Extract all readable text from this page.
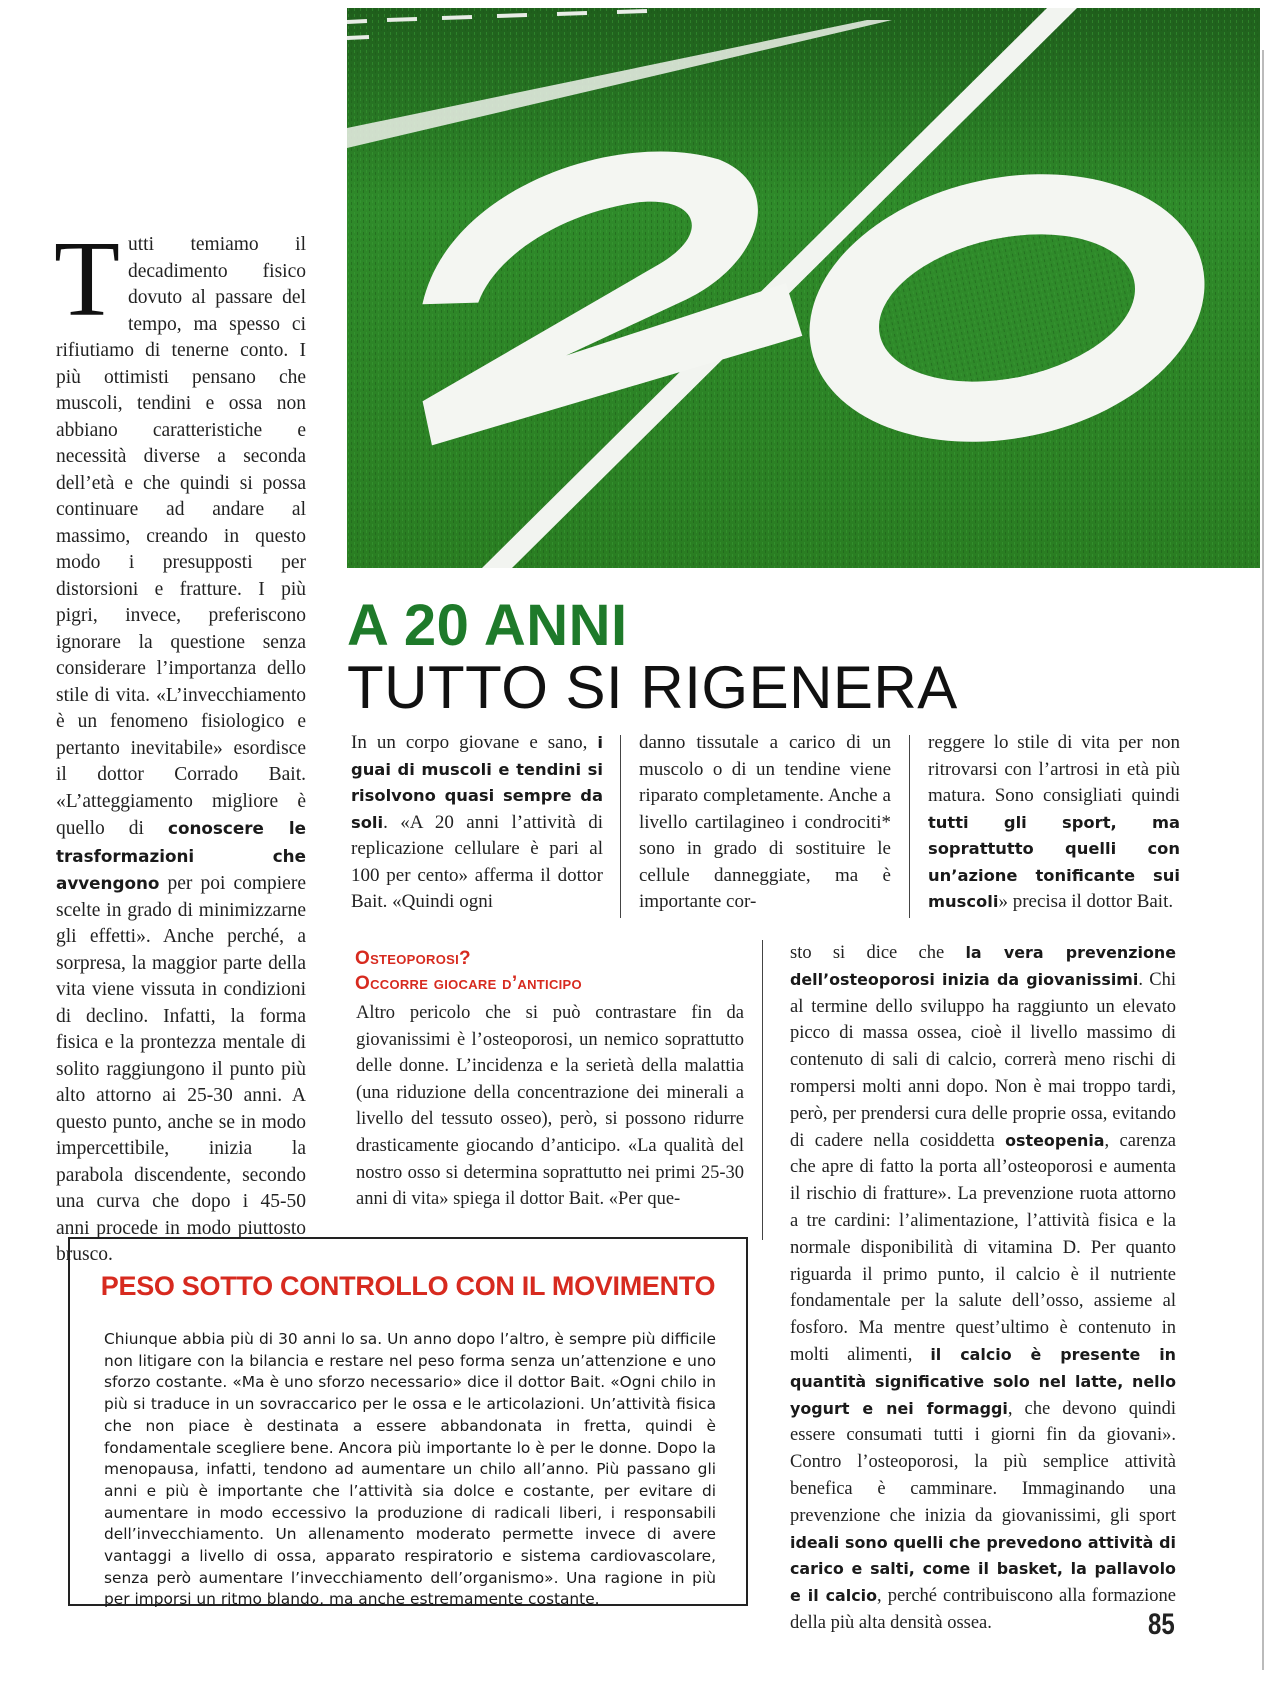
Tutti temiamo il decadimento fisico dovuto al passare del tempo, ma spesso ci rifiutiamo di tenerne conto. I più ottimisti pensano che muscoli, tendini e ossa non abbiano caratteristiche e necessità diverse a seconda dell’età e che quindi si possa continuare ad andare al massimo, creando in questo modo i presupposti per distorsioni e fratture. I più pigri, invece, preferiscono ignorare la questione senza considerare l’importanza dello stile di vita. «L’invecchiamento è un fenomeno fisiologico e pertanto inevitabile» esordisce il dottor Corrado Bait. «L’atteggiamento migliore è quello di conoscere le trasformazioni che avvengono per poi compiere scelte in grado di minimizzarne gli effetti». Anche perché, a sorpresa, la maggior parte della vita viene vissuta in condizioni di declino. Infatti, la forma fisica e la prontezza mentale di solito raggiungono il punto più alto attorno ai 25-30 anni. A questo punto, anche se in modo impercettibile, inizia la parabola discendente, secondo una curva che dopo i 45-50 anni procede in modo piuttosto brusco.
A 20 ANNI
TUTTO SI RIGENERA
In un corpo giovane e sano, i guai di muscoli e tendini si risolvono quasi sempre da soli. «A 20 anni l’attività di replicazione cellulare è pari al 100 per cento» afferma il dottor Bait. «Quindi ogni
danno tissutale a carico di un muscolo o di un tendine viene riparato completamente. Anche a livello cartilagineo i condrociti* sono in grado di sostituire le cellule danneggiate, ma è importante cor-
reggere lo stile di vita per non ritrovarsi con l’artrosi in età più matura. Sono consigliati quindi tutti gli sport, ma soprattutto quelli con un’azione tonificante sui muscoli» precisa il dottor Bait.
Osteoporosi?
Occorre giocare d’anticipo
Altro pericolo che si può contrastare fin da giovanissimi è l’osteoporosi, un nemico soprattutto delle donne. L’incidenza e la serietà della malattia (una riduzione della concentrazione dei minerali a livello del tessuto osseo), però, si possono ridurre drasticamente giocando d’anticipo. «La qualità del nostro osso si determina soprattutto nei primi 25-30 anni di vita» spiega il dottor Bait. «Per que-
sto si dice che la vera prevenzione dell’osteoporosi inizia da giovanissimi. Chi al termine dello sviluppo ha raggiunto un elevato picco di massa ossea, cioè il livello massimo di contenuto di sali di calcio, correrà meno rischi di rompersi molti anni dopo. Non è mai troppo tardi, però, per prendersi cura delle proprie ossa, evitando di cadere nella cosiddetta osteopenia, carenza che apre di fatto la porta all’osteoporosi e aumenta il rischio di fratture». La prevenzione ruota attorno a tre cardini: l’alimentazione, l’attività fisica e la normale disponibilità di vitamina D. Per quanto riguarda il primo punto, il calcio è il nutriente fondamentale per la salute dell’osso, assieme al fosforo. Ma mentre quest’ultimo è contenuto in molti alimenti, il calcio è presente in quantità significative solo nel latte, nello yogurt e nei formaggi, che devono quindi essere consumati tutti i giorni fin da giovani». Contro l’osteoporosi, la più semplice attività benefica è camminare. Immaginando una prevenzione che inizia da giovanissimi, gli sport ideali sono quelli che prevedono attività di carico e salti, come il basket, la pallavolo e il calcio, perché contribuiscono alla formazione della più alta densità ossea.
PESO SOTTO CONTROLLO CON IL MOVIMENTO
Chiunque abbia più di 30 anni lo sa. Un anno dopo l’altro, è sempre più difficile non litigare con la bilancia e restare nel peso forma senza un’attenzione e uno sforzo costante. «Ma è uno sforzo necessario» dice il dottor Bait. «Ogni chilo in più si traduce in un sovraccarico per le ossa e le articolazioni. Un’attività fisica che non piace è destinata a essere abbandonata in fretta, quindi è fondamentale scegliere bene. Ancora più importante lo è per le donne. Dopo la menopausa, infatti, tendono ad aumentare un chilo all’anno. Più passano gli anni e più è importante che l’attività sia dolce e costante, per evitare di aumentare in modo eccessivo la produzione di radicali liberi, i responsabili dell’invecchiamento. Un allenamento moderato permette invece di avere vantaggi a livello di ossa, apparato respiratorio e sistema cardiovascolare, senza però aumentare l’invecchiamento dell’organismo». Una ragione in più per imporsi un ritmo blando, ma anche estremamente costante.
85
